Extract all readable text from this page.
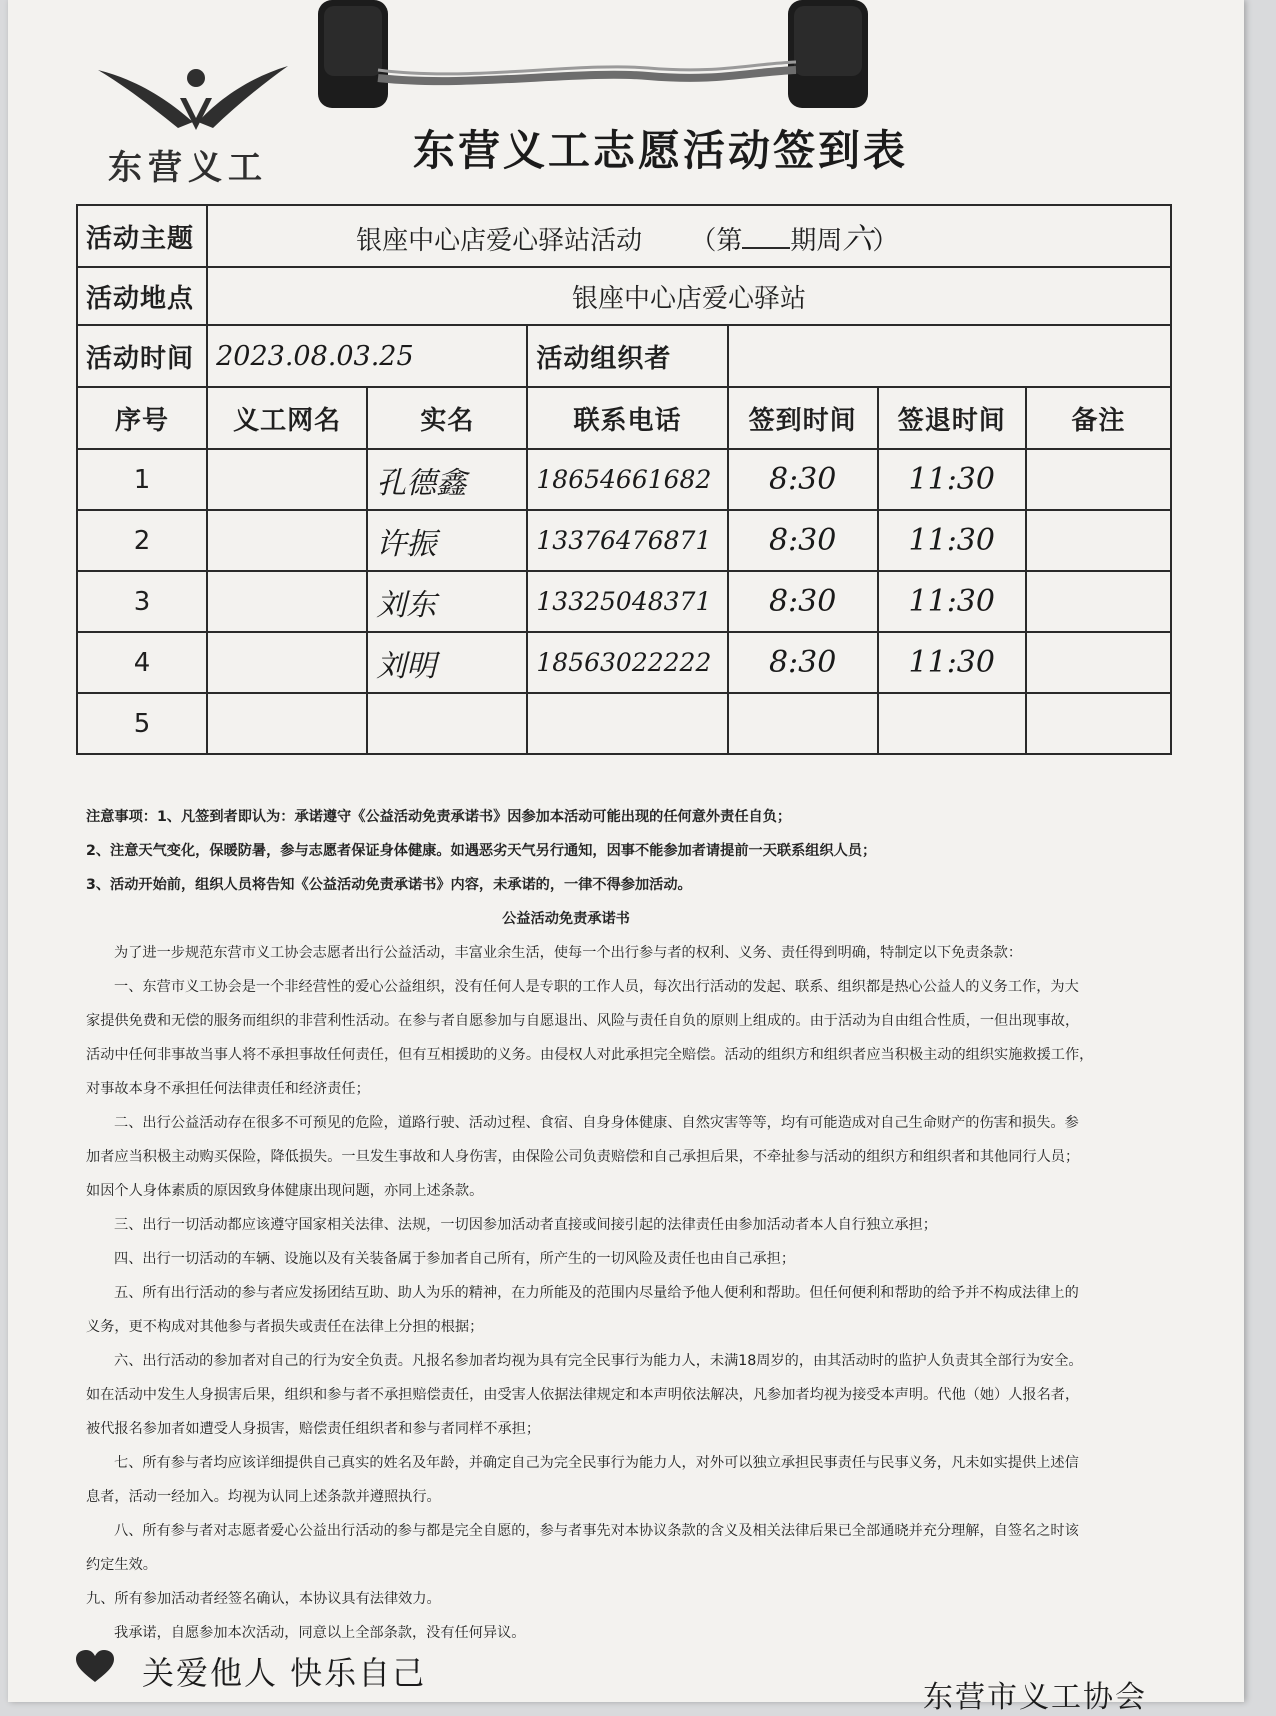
东营义工	东营义工志愿活动签到表
活动主题	银座中心店爱心驿站活动 （第 期周六）					
活动地点	银座中心店爱心驿站					
活动时间	2023.08.03.25		活动组织者			
序号	义工网名	实名	联系电话	签到时间	签退时间	备注
1		孔德鑫	18654661682	8:30	11:30	
2		许振	13376476871	8:30	11:30	
3		刘东	13325048371	8:30	11:30	
4		刘明	18563022222	8:30	11:30	
5						

注意事项：1、凡签到者即认为：承诺遵守《公益活动免责承诺书》因参加本活动可能出现的任何意外责任自负；

2、注意天气变化，保暖防暑，参与志愿者保证身体健康。如遇恶劣天气另行通知，因事不能参加者请提前一天联系组织人员；

3、活动开始前，组织人员将告知《公益活动免责承诺书》内容，未承诺的，一律不得参加活动。

公益活动免责承诺书

为了进一步规范东营市义工协会志愿者出行公益活动，丰富业余生活，使每一个出行参与者的权利、义务、责任得到明确，特制定以下免责条款：

一、东营市义工协会是一个非经营性的爱心公益组织，没有任何人是专职的工作人员，每次出行活动的发起、联系、组织都是热心公益人的义务工作，为大

家提供免费和无偿的服务而组织的非营利性活动。在参与者自愿参加与自愿退出、风险与责任自负的原则上组成的。由于活动为自由组合性质，一但出现事故，

活动中任何非事故当事人将不承担事故任何责任，但有互相援助的义务。由侵权人对此承担完全赔偿。活动的组织方和组织者应当积极主动的组织实施救援工作，

对事故本身不承担任何法律责任和经济责任；

二、出行公益活动存在很多不可预见的危险，道路行驶、活动过程、食宿、自身身体健康、自然灾害等等，均有可能造成对自己生命财产的伤害和损失。参

加者应当积极主动购买保险，降低损失。一旦发生事故和人身伤害，由保险公司负责赔偿和自己承担后果，不牵扯参与活动的组织方和组织者和其他同行人员；

如因个人身体素质的原因致身体健康出现问题，亦同上述条款。

三、出行一切活动都应该遵守国家相关法律、法规，一切因参加活动者直接或间接引起的法律责任由参加活动者本人自行独立承担；

四、出行一切活动的车辆、设施以及有关装备属于参加者自己所有，所产生的一切风险及责任也由自己承担；

五、所有出行活动的参与者应发扬团结互助、助人为乐的精神，在力所能及的范围内尽量给予他人便利和帮助。但任何便利和帮助的给予并不构成法律上的

义务，更不构成对其他参与者损失或责任在法律上分担的根据；

六、出行活动的参加者对自己的行为安全负责。凡报名参加者均视为具有完全民事行为能力人，未满18周岁的，由其活动时的监护人负责其全部行为安全。

如在活动中发生人身损害后果，组织和参与者不承担赔偿责任，由受害人依据法律规定和本声明依法解决，凡参加者均视为接受本声明。代他（她）人报名者，

被代报名参加者如遭受人身损害，赔偿责任组织者和参与者同样不承担；

七、所有参与者均应该详细提供自己真实的姓名及年龄，并确定自己为完全民事行为能力人，对外可以独立承担民事责任与民事义务，凡未如实提供上述信

息者，活动一经加入。均视为认同上述条款并遵照执行。

八、所有参与者对志愿者爱心公益出行活动的参与都是完全自愿的，参与者事先对本协议条款的含义及相关法律后果已全部通晓并充分理解，自签名之时该

约定生效。

九、所有参加活动者经签名确认，本协议具有法律效力。

我承诺，自愿参加本次活动，同意以上全部条款，没有任何异议。

关爱他人 快乐自己
东营市义工协会
